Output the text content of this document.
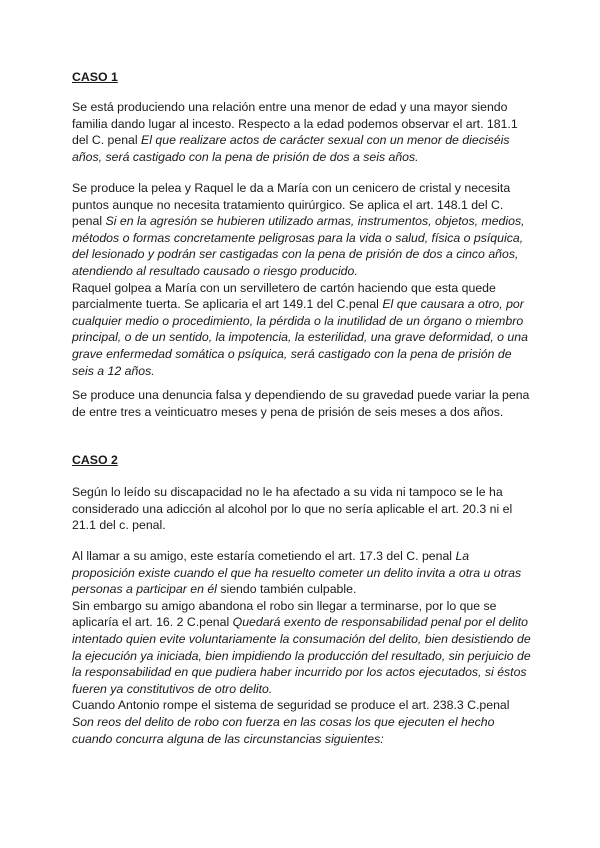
CASO 1
Se está produciendo una relación entre una menor de edad y una mayor siendo
familia dando lugar al incesto. Respecto a la edad podemos observar el art. 181.1
del C. penal El que realizare actos de carácter sexual con un menor de dieciséis
años, será castigado con la pena de prisión de dos a seis años.
Se produce la pelea y Raquel le da a María con un cenicero de cristal y necesita
puntos aunque no necesita tratamiento quirúrgico. Se aplica el art. 148.1 del C.
penal Si en la agresión se hubieren utilizado armas, instrumentos, objetos, medios,
métodos o formas concretamente peligrosas para la vida o salud, física o psíquica,
del lesionado y podrán ser castigadas con la pena de prisión de dos a cinco años,
atendiendo al resultado causado o riesgo producido.
Raquel golpea a María con un servilletero de cartón haciendo que esta quede
parcialmente tuerta. Se aplicaria el art 149.1 del C.penal El que causara a otro, por
cualquier medio o procedimiento, la pérdida o la inutilidad de un órgano o miembro
principal, o de un sentido, la impotencia, la esterilidad, una grave deformidad, o una
grave enfermedad somática o psíquica, será castigado con la pena de prisión de
seis a 12 años.
Se produce una denuncia falsa y dependiendo de su gravedad puede variar la pena
de entre tres a veinticuatro meses y pena de prisión de seis meses a dos años.
CASO 2
Según lo leído su discapacidad no le ha afectado a su vida ni tampoco se le ha
considerado una adicción al alcohol por lo que no sería aplicable el art. 20.3 ni el
21.1 del c. penal.
Al llamar a su amigo, este estaría cometiendo el art. 17.3 del C. penal La
proposición existe cuando el que ha resuelto cometer un delito invita a otra u otras
personas a participar en él siendo también culpable.
Sin embargo su amigo abandona el robo sin llegar a terminarse, por lo que se
aplicaría el art. 16. 2 C.penal Quedará exento de responsabilidad penal por el delito
intentado quien evite voluntariamente la consumación del delito, bien desistiendo de
la ejecución ya iniciada, bien impidiendo la producción del resultado, sin perjuicio de
la responsabilidad en que pudiera haber incurrido por los actos ejecutados, si éstos
fueren ya constitutivos de otro delito.
Cuando Antonio rompe el sistema de seguridad se produce el art. 238.3 C.penal
Son reos del delito de robo con fuerza en las cosas los que ejecuten el hecho
cuando concurra alguna de las circunstancias siguientes:
